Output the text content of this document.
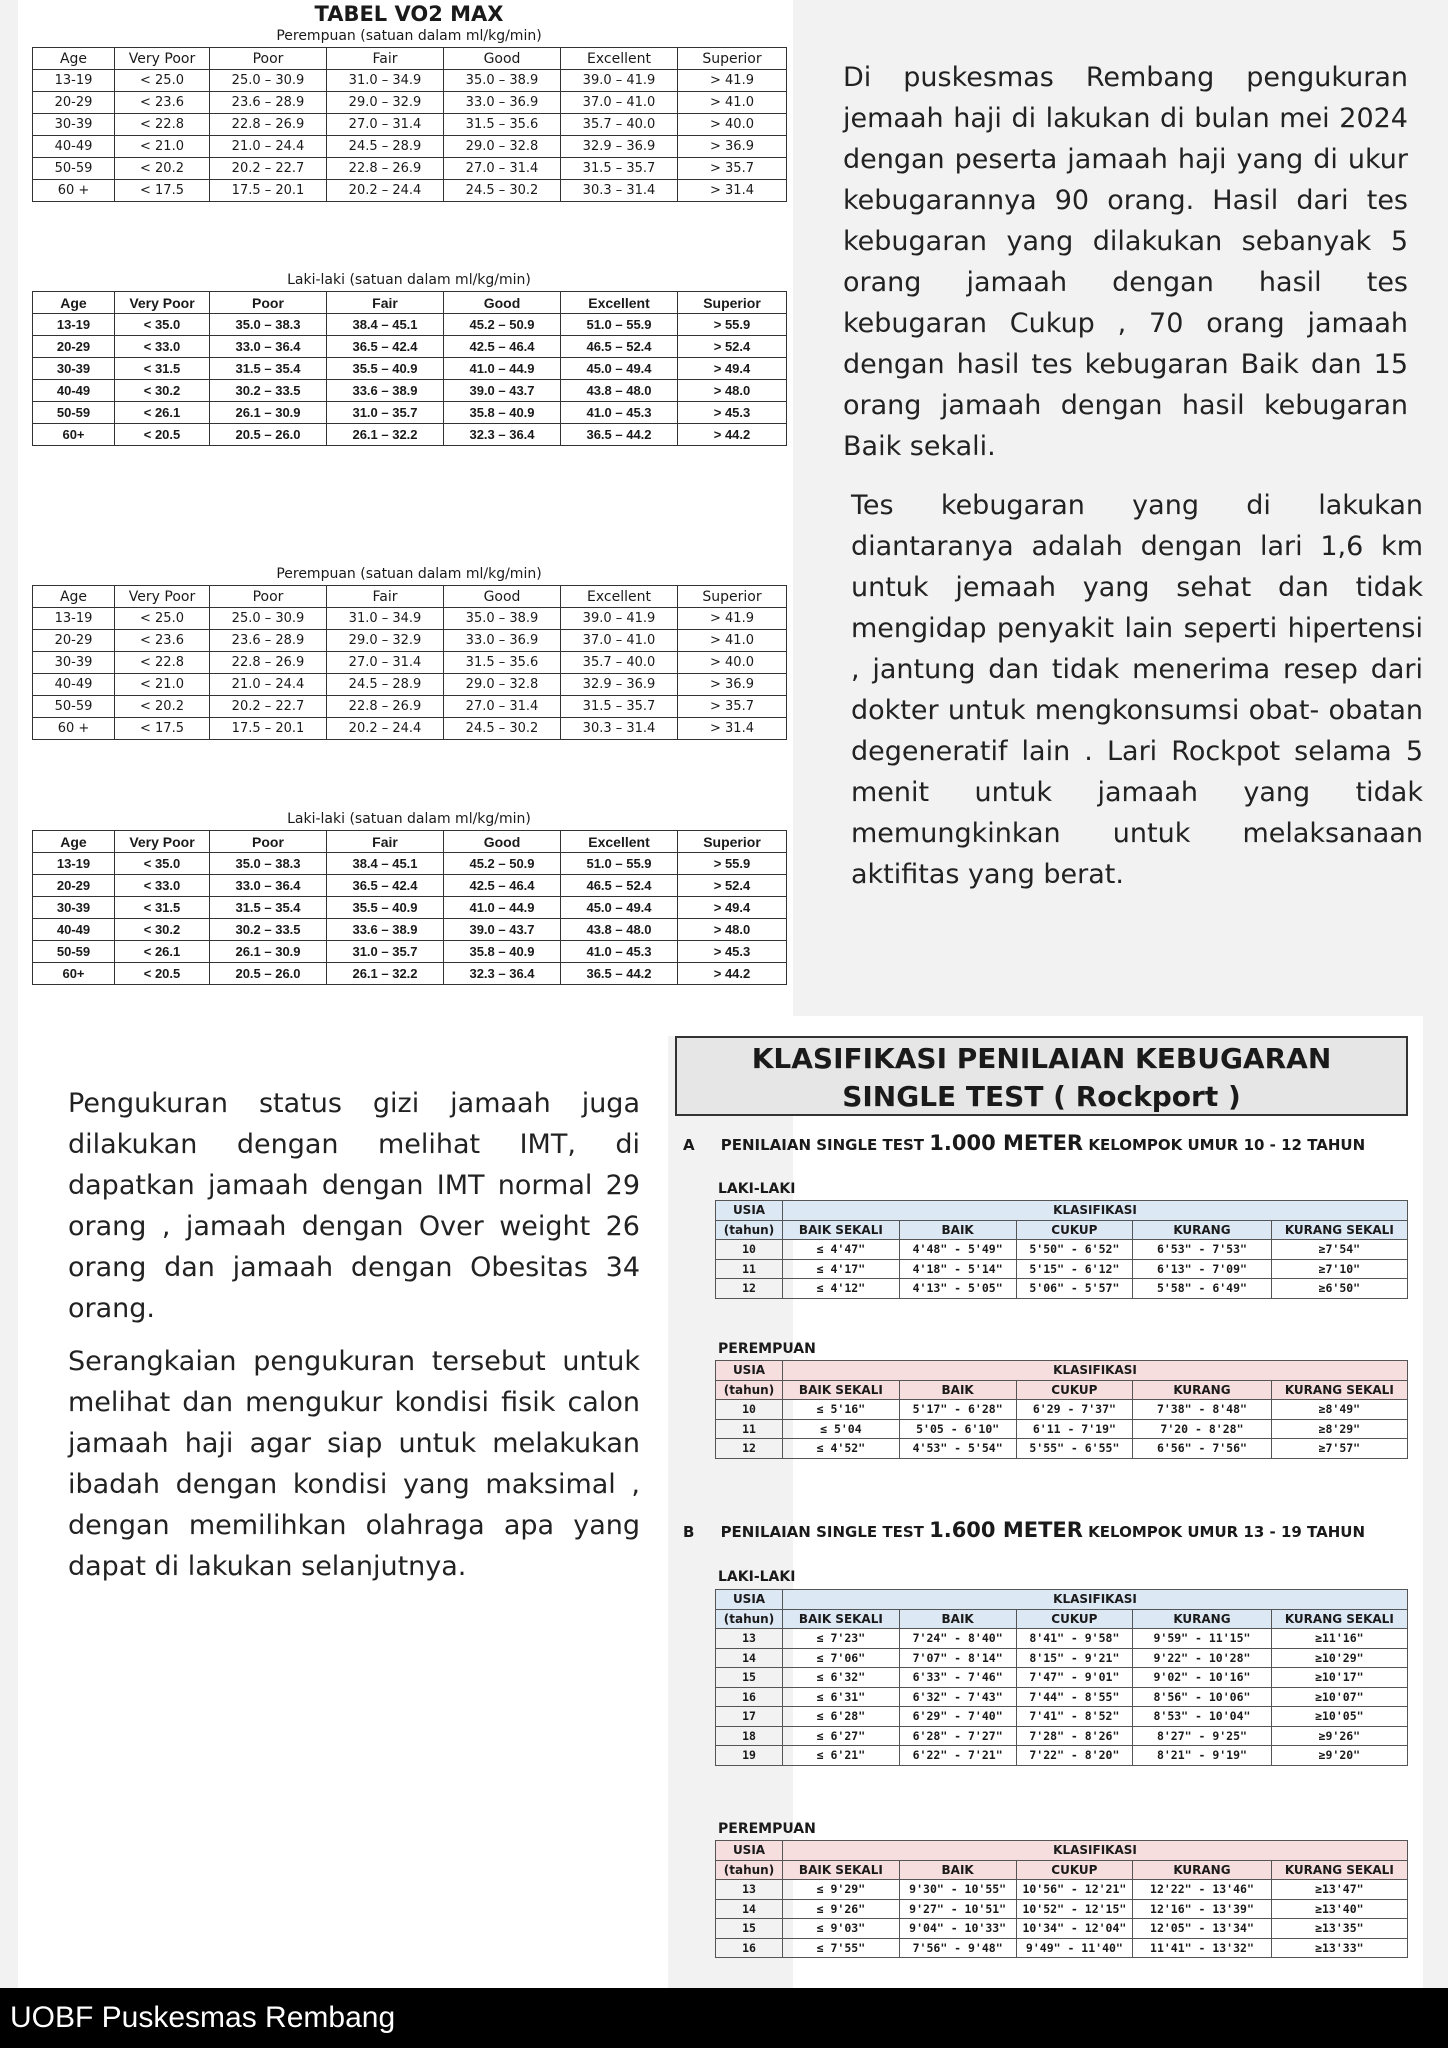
TABEL VO2 MAX
Perempuan (satuan dalam ml/kg/min)
Age	Very Poor	Poor	Fair	Good	Excellent	Superior
13-19	< 25.0	25.0 – 30.9	31.0 – 34.9	35.0 – 38.9	39.0 – 41.9	> 41.9
20-29	< 23.6	23.6 – 28.9	29.0 – 32.9	33.0 – 36.9	37.0 – 41.0	> 41.0
30-39	< 22.8	22.8 – 26.9	27.0 – 31.4	31.5 – 35.6	35.7 – 40.0	> 40.0
40-49	< 21.0	21.0 – 24.4	24.5 – 28.9	29.0 – 32.8	32.9 – 36.9	> 36.9
50-59	< 20.2	20.2 – 22.7	22.8 – 26.9	27.0 – 31.4	31.5 – 35.7	> 35.7
60 +	< 17.5	17.5 – 20.1	20.2 – 24.4	24.5 – 30.2	30.3 – 31.4	> 31.4
Laki-laki (satuan dalam ml/kg/min)
Age	Very Poor	Poor	Fair	Good	Excellent	Superior
13-19	< 35.0	35.0 – 38.3	38.4 – 45.1	45.2 – 50.9	51.0 – 55.9	> 55.9
20-29	< 33.0	33.0 – 36.4	36.5 – 42.4	42.5 – 46.4	46.5 – 52.4	> 52.4
30-39	< 31.5	31.5 – 35.4	35.5 – 40.9	41.0 – 44.9	45.0 – 49.4	> 49.4
40-49	< 30.2	30.2 – 33.5	33.6 – 38.9	39.0 – 43.7	43.8 – 48.0	> 48.0
50-59	< 26.1	26.1 – 30.9	31.0 – 35.7	35.8 – 40.9	41.0 – 45.3	> 45.3
60+	< 20.5	20.5 – 26.0	26.1 – 32.2	32.3 – 36.4	36.5 – 44.2	> 44.2
Perempuan (satuan dalam ml/kg/min)
Age	Very Poor	Poor	Fair	Good	Excellent	Superior
13-19	< 25.0	25.0 – 30.9	31.0 – 34.9	35.0 – 38.9	39.0 – 41.9	> 41.9
20-29	< 23.6	23.6 – 28.9	29.0 – 32.9	33.0 – 36.9	37.0 – 41.0	> 41.0
30-39	< 22.8	22.8 – 26.9	27.0 – 31.4	31.5 – 35.6	35.7 – 40.0	> 40.0
40-49	< 21.0	21.0 – 24.4	24.5 – 28.9	29.0 – 32.8	32.9 – 36.9	> 36.9
50-59	< 20.2	20.2 – 22.7	22.8 – 26.9	27.0 – 31.4	31.5 – 35.7	> 35.7
60 +	< 17.5	17.5 – 20.1	20.2 – 24.4	24.5 – 30.2	30.3 – 31.4	> 31.4
Laki-laki (satuan dalam ml/kg/min)
Age	Very Poor	Poor	Fair	Good	Excellent	Superior
13-19	< 35.0	35.0 – 38.3	38.4 – 45.1	45.2 – 50.9	51.0 – 55.9	> 55.9
20-29	< 33.0	33.0 – 36.4	36.5 – 42.4	42.5 – 46.4	46.5 – 52.4	> 52.4
30-39	< 31.5	31.5 – 35.4	35.5 – 40.9	41.0 – 44.9	45.0 – 49.4	> 49.4
40-49	< 30.2	30.2 – 33.5	33.6 – 38.9	39.0 – 43.7	43.8 – 48.0	> 48.0
50-59	< 26.1	26.1 – 30.9	31.0 – 35.7	35.8 – 40.9	41.0 – 45.3	> 45.3
60+	< 20.5	20.5 – 26.0	26.1 – 32.2	32.3 – 36.4	36.5 – 44.2	> 44.2
Di puskesmas Rembang pengukuran jemaah haji di lakukan di bulan mei 2024 dengan peserta jamaah haji yang di ukur kebugarannya 90 orang. Hasil dari tes kebugaran yang dilakukan sebanyak 5 orang jamaah dengan hasil tes kebugaran Cukup , 70 orang jamaah dengan hasil tes kebugaran Baik dan 15 orang jamaah dengan hasil kebugaran Baik sekali.
Tes kebugaran yang di lakukan diantaranya adalah dengan lari 1,6 km untuk jemaah yang sehat dan tidak mengidap penyakit lain seperti hipertensi , jantung dan tidak menerima resep dari dokter untuk mengkonsumsi obat- obatan degeneratif lain . Lari Rockpot selama 5 menit untuk jamaah yang tidak memungkinkan untuk melaksanaan aktifitas yang berat.
Pengukuran status gizi jamaah juga dilakukan dengan melihat IMT, di dapatkan jamaah dengan IMT normal 29 orang , jamaah dengan Over weight 26 orang dan jamaah dengan Obesitas 34 orang.
Serangkaian pengukuran tersebut untuk melihat dan mengukur kondisi fisik calon jamaah haji agar siap untuk melakukan ibadah dengan kondisi yang maksimal , dengan memilihkan olahraga apa yang dapat di lakukan selanjutnya.
KLASIFIKASI PENILAIAN KEBUGARAN
SINGLE TEST ( Rockport )
A PENILAIAN SINGLE TEST 1.000 METER KELOMPOK UMUR 10 - 12 TAHUN
LAKI-LAKI
USIA	KLASIFIKASI				
(tahun)	BAIK SEKALI	BAIK	CUKUP	KURANG	KURANG SEKALI
10	≤ 4'47"	4'48" - 5'49"	5'50" - 6'52"	6'53" - 7'53"	≥7'54"
11	≤ 4'17"	4'18" - 5'14"	5'15" - 6'12"	6'13" - 7'09"	≥7'10"
12	≤ 4'12"	4'13" - 5'05"	5'06" - 5'57"	5'58" - 6'49"	≥6'50"
PEREMPUAN
USIA	KLASIFIKASI				
(tahun)	BAIK SEKALI	BAIK	CUKUP	KURANG	KURANG SEKALI
10	≤ 5'16"	5'17" - 6'28"	6'29 - 7'37"	7'38" - 8'48"	≥8'49"
11	≤ 5'04	5'05 - 6'10"	6'11 - 7'19"	7'20 - 8'28"	≥8'29"
12	≤ 4'52"	4'53" - 5'54"	5'55" - 6'55"	6'56" - 7'56"	≥7'57"
B PENILAIAN SINGLE TEST 1.600 METER KELOMPOK UMUR 13 - 19 TAHUN
LAKI-LAKI
USIA	KLASIFIKASI				
(tahun)	BAIK SEKALI	BAIK	CUKUP	KURANG	KURANG SEKALI
13	≤ 7'23"	7'24" - 8'40"	8'41" - 9'58"	9'59" - 11'15"	≥11'16"
14	≤ 7'06"	7'07" - 8'14"	8'15" - 9'21"	9'22" - 10'28"	≥10'29"
15	≤ 6'32"	6'33" - 7'46"	7'47" - 9'01"	9'02" - 10'16"	≥10'17"
16	≤ 6'31"	6'32" - 7'43"	7'44" - 8'55"	8'56" - 10'06"	≥10'07"
17	≤ 6'28"	6'29" - 7'40"	7'41" - 8'52"	8'53" - 10'04"	≥10'05"
18	≤ 6'27"	6'28" - 7'27"	7'28" - 8'26"	8'27" - 9'25"	≥9'26"
19	≤ 6'21"	6'22" - 7'21"	7'22" - 8'20"	8'21" - 9'19"	≥9'20"
PEREMPUAN
USIA	KLASIFIKASI				
(tahun)	BAIK SEKALI	BAIK	CUKUP	KURANG	KURANG SEKALI
13	≤ 9'29"	9'30" - 10'55"	10'56" - 12'21"	12'22" - 13'46"	≥13'47"
14	≤ 9'26"	9'27" - 10'51"	10'52" - 12'15"	12'16" - 13'39"	≥13'40"
15	≤ 9'03"	9'04" - 10'33"	10'34" - 12'04"	12'05" - 13'34"	≥13'35"
16	≤ 7'55"	7'56" - 9'48"	9'49" - 11'40"	11'41" - 13'32"	≥13'33"
UOBF Puskesmas Rembang
